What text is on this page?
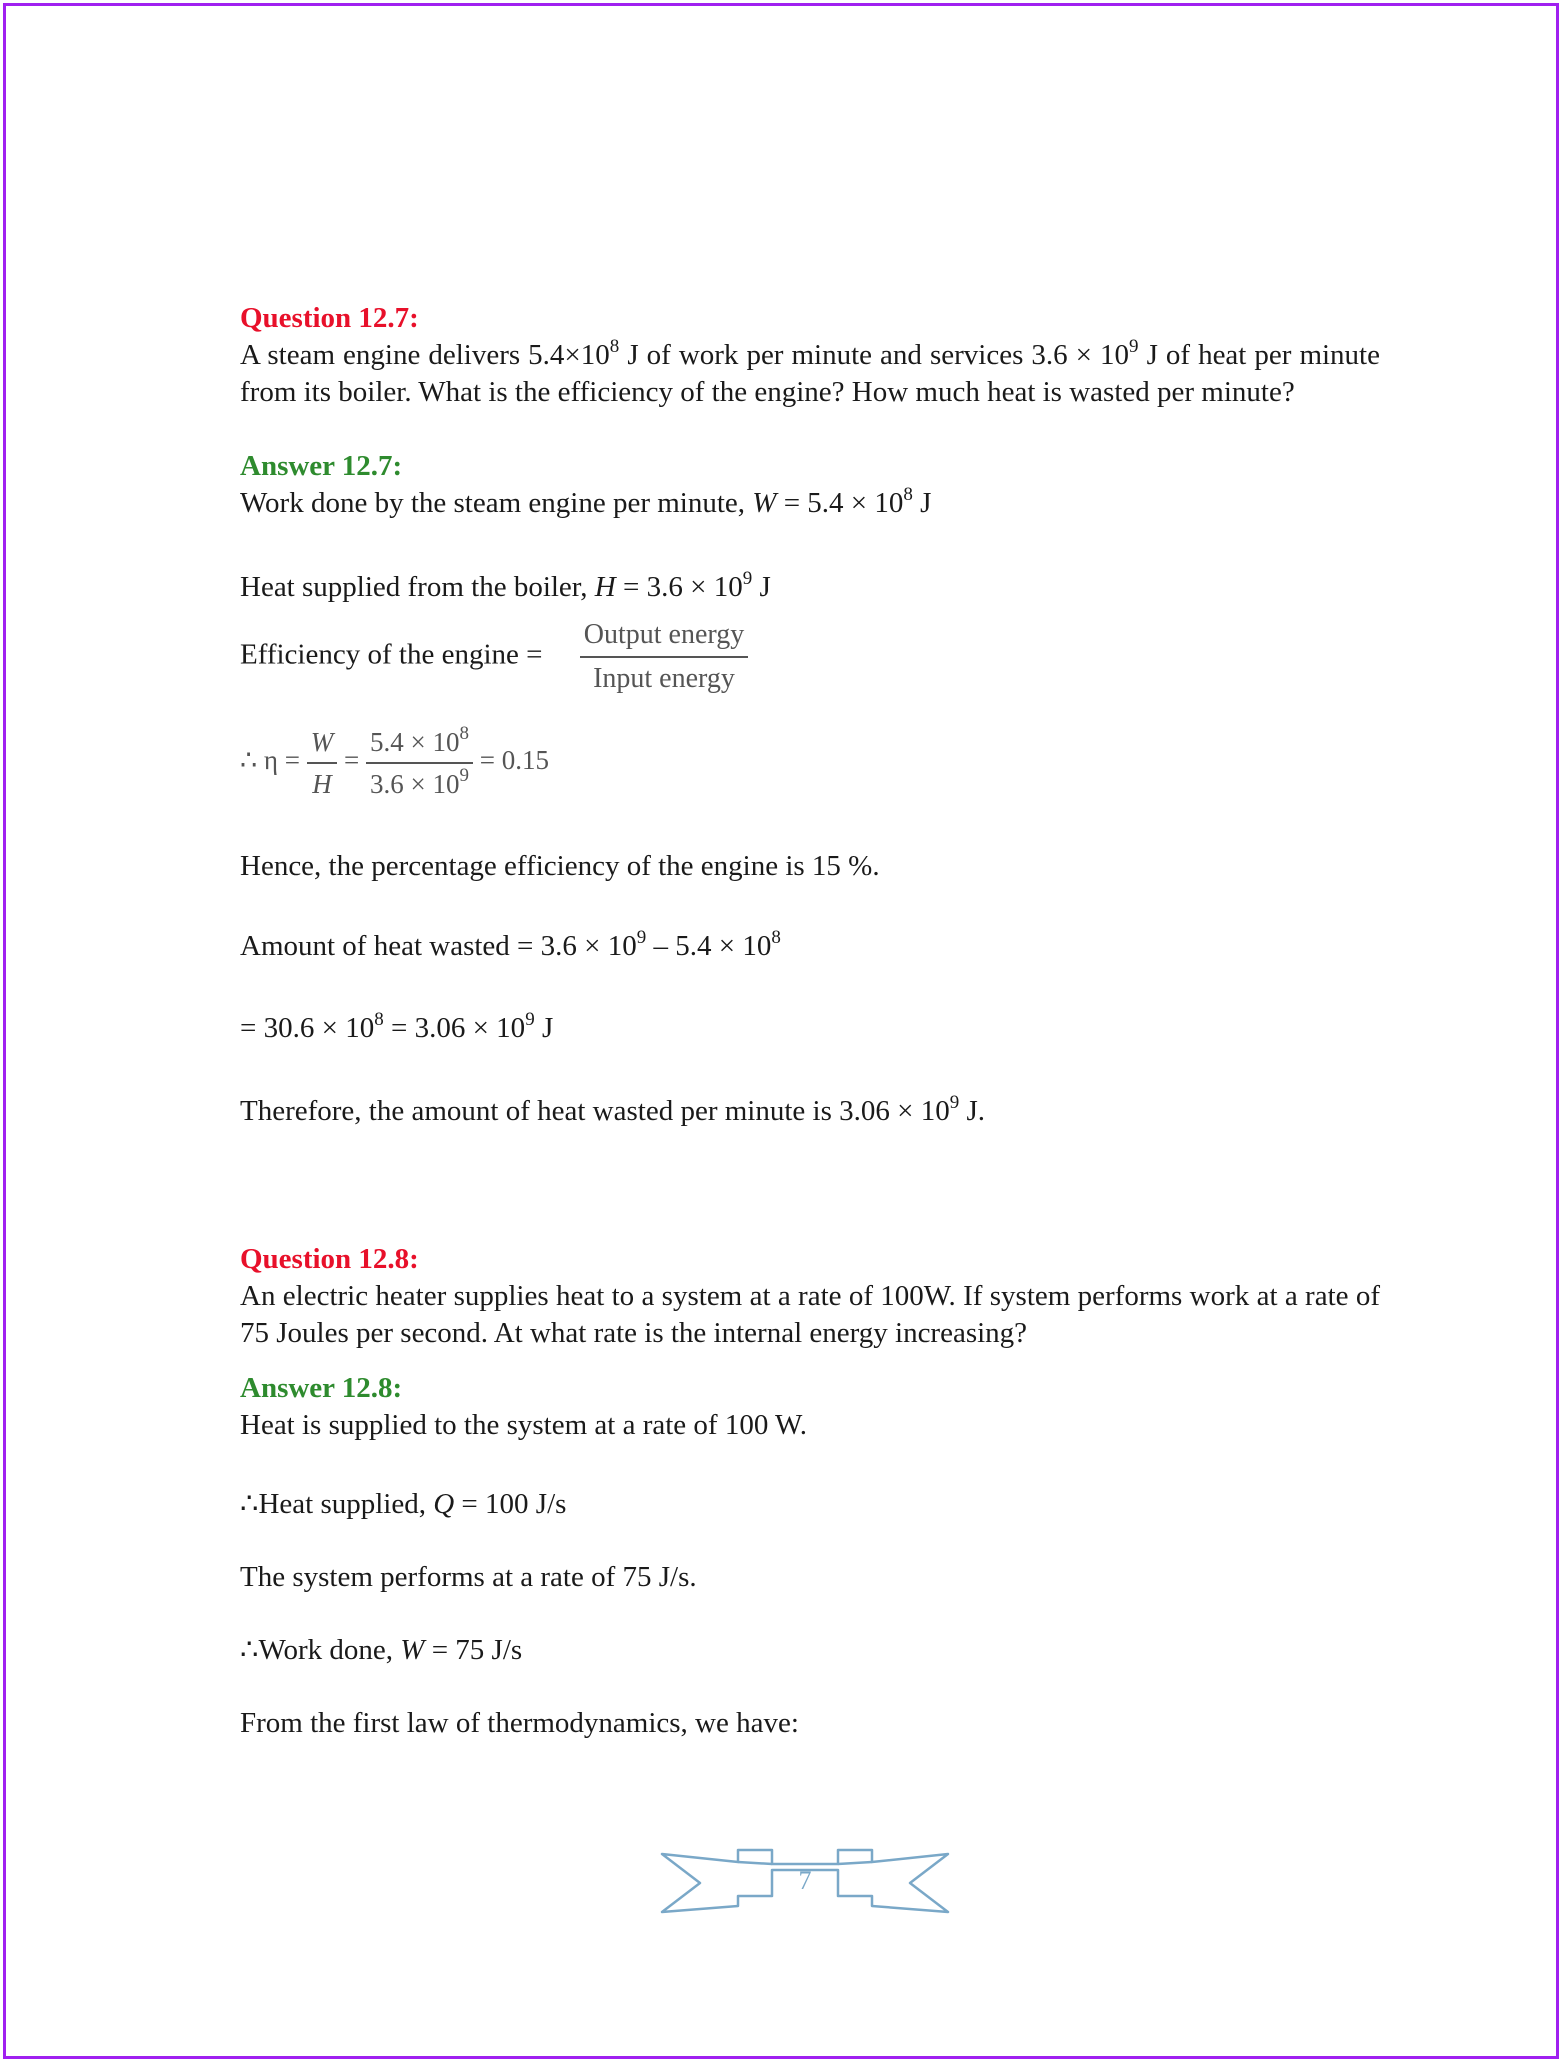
Question 12.7:

A steam engine delivers $5.4\times 10^8$ J of work per minute and services $3.6 \times 10^9$ J of heat per minute from its boiler. What is the efficiency of the engine? How much heat is wasted per minute?

Answer 12.7:

Work done by the steam engine per minute, $W = 5.4 \times 10^8$ J

Heat supplied from the boiler, $H = 3.6 \times 10^9$ J

Efficiency of the engine = $\frac{\text{Output energy}}{\text{Input energy}}$
∴ $\eta = \frac{W}{H} = \frac{5.4 \times 10^8}{3.6 \times 10^9} = 0.15$

Hence, the percentage efficiency of the engine is 15 %.

Amount of heat wasted = $3.6 \times 10^9 - 5.4 \times 10^8$

= $30.6 \times 10^8 = 3.06 \times 10^9$ J

Therefore, the amount of heat wasted per minute is $3.06 \times 10^9$ J.

Question 12.8:

An electric heater supplies heat to a system at a rate of 100W. If system performs work at a rate of 75 Joules per second. At what rate is the internal energy increasing?

Answer 12.8:

Heat is supplied to the system at a rate of 100 W.

∴Heat supplied, Q = 100 J/s

The system performs at a rate of 75 J/s.

∴Work done, W = 75 J/s

From the first law of thermodynamics, we have:

7
